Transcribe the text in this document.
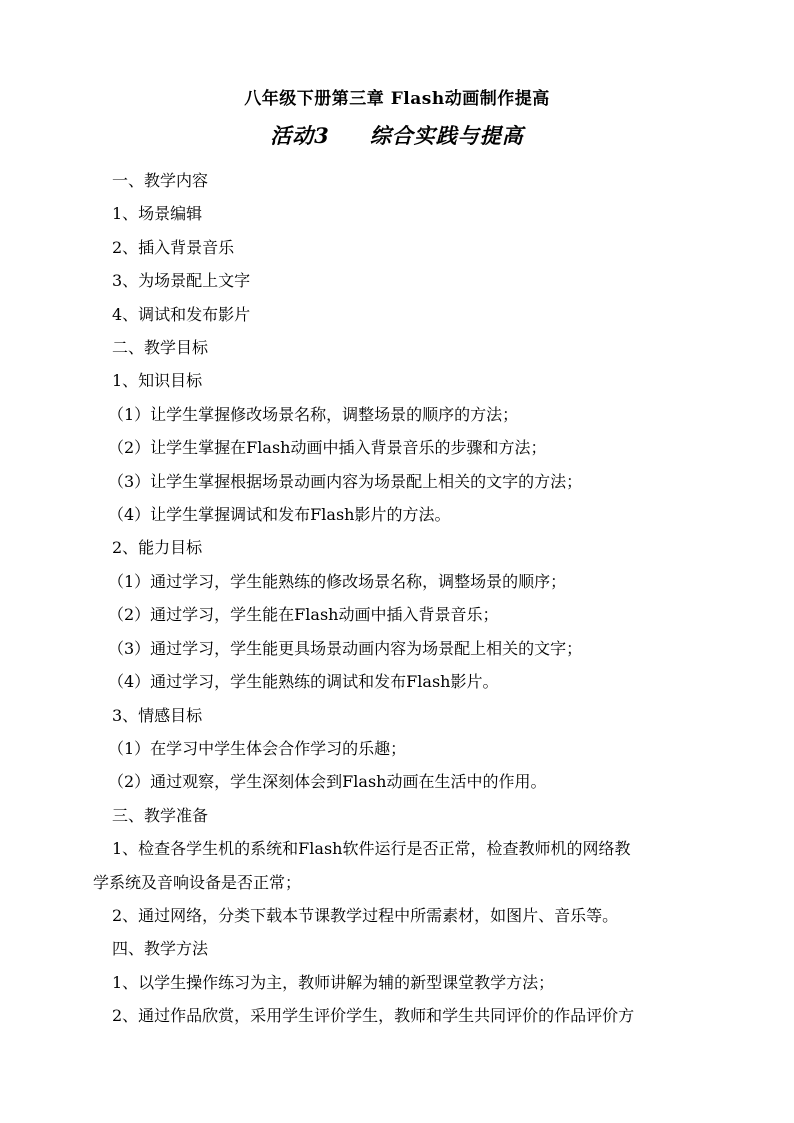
八年级下册第三章 Flash动画制作提高
活动3 综合实践与提高
一、教学内容
1、场景编辑
2、插入背景音乐
3、为场景配上文字
4、调试和发布影片
二、教学目标
1、知识目标
（1）让学生掌握修改场景名称，调整场景的顺序的方法；
（2）让学生掌握在Flash动画中插入背景音乐的步骤和方法；
（3）让学生掌握根据场景动画内容为场景配上相关的文字的方法；
（4）让学生掌握调试和发布Flash影片的方法。
2、能力目标
（1）通过学习，学生能熟练的修改场景名称，调整场景的顺序；
（2）通过学习，学生能在Flash动画中插入背景音乐；
（3）通过学习，学生能更具场景动画内容为场景配上相关的文字；
（4）通过学习，学生能熟练的调试和发布Flash影片。
3、情感目标
（1）在学习中学生体会合作学习的乐趣；
（2）通过观察，学生深刻体会到Flash动画在生活中的作用。
三、教学准备
1、检查各学生机的系统和Flash软件运行是否正常，检查教师机的网络教
学系统及音响设备是否正常；
2、通过网络，分类下载本节课教学过程中所需素材，如图片、音乐等。
四、教学方法
1、以学生操作练习为主，教师讲解为辅的新型课堂教学方法；
2、通过作品欣赏，采用学生评价学生，教师和学生共同评价的作品评价方
